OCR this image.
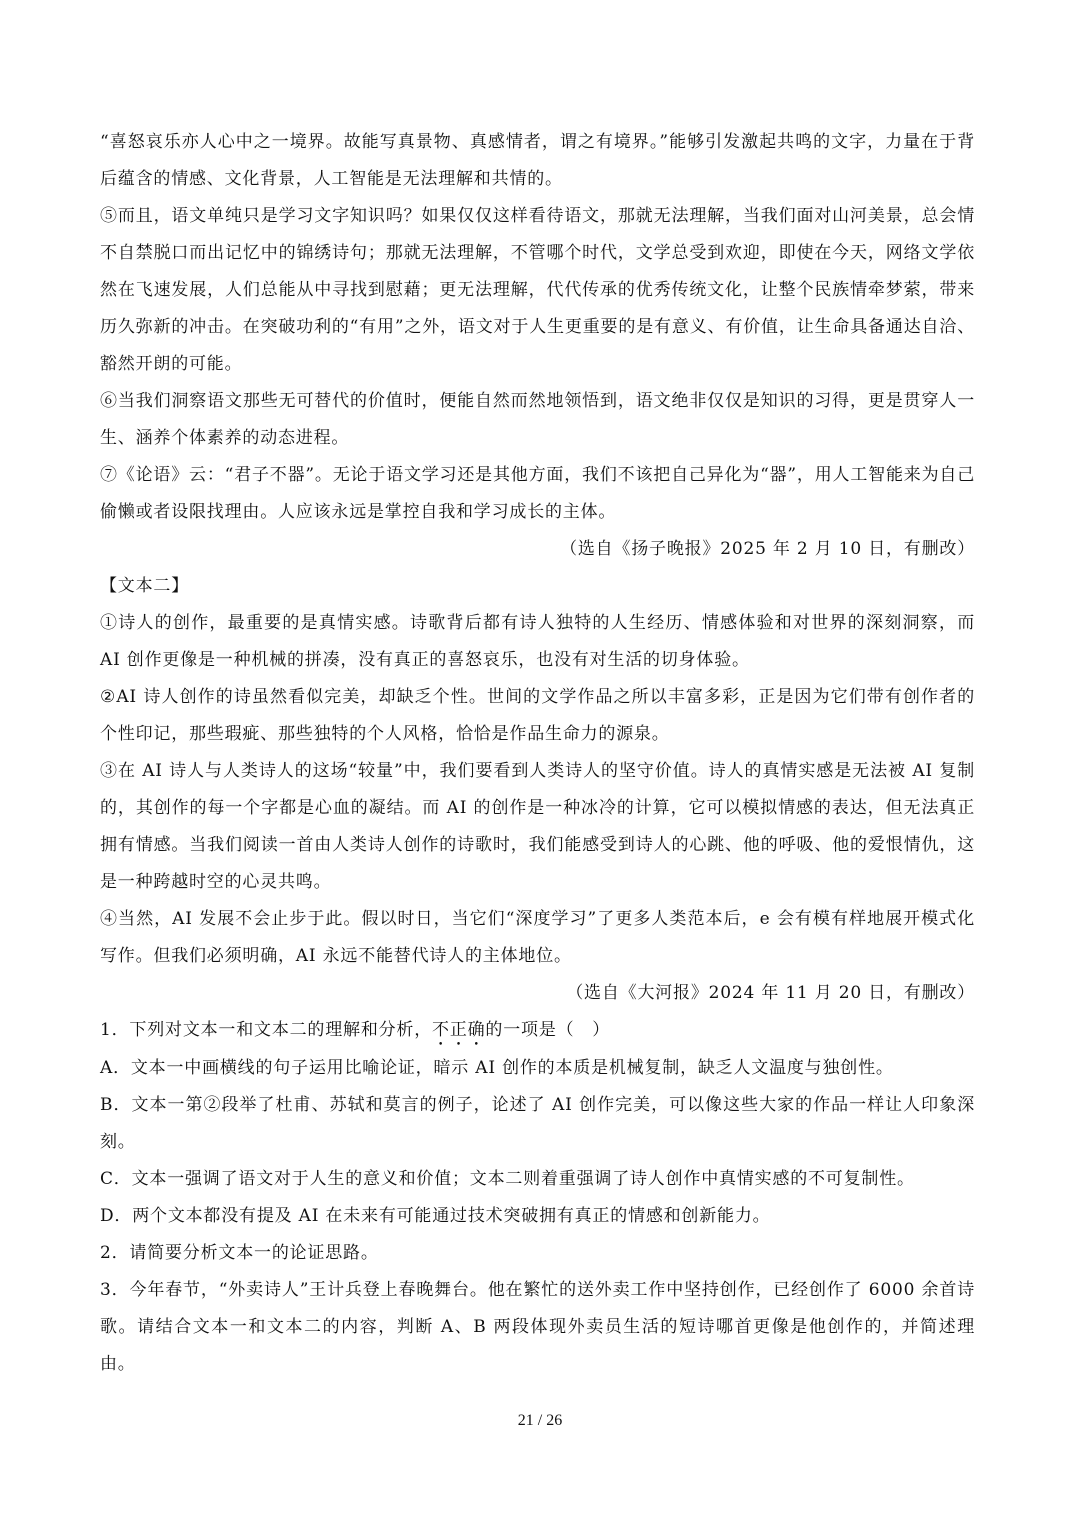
“喜怒哀乐亦人心中之一境界。故能写真景物、真感情者，谓之有境界。”能够引发激起共鸣的文字，力量在于背后蕴含的情感、文化背景，人工智能是无法理解和共情的。

⑤而且，语文单纯只是学习文字知识吗？如果仅仅这样看待语文，那就无法理解，当我们面对山河美景，总会情不自禁脱口而出记忆中的锦绣诗句；那就无法理解，不管哪个时代，文学总受到欢迎，即使在今天，网络文学依然在飞速发展，人们总能从中寻找到慰藉；更无法理解，代代传承的优秀传统文化，让整个民族情牵梦萦，带来历久弥新的冲击。在突破功利的“有用”之外，语文对于人生更重要的是有意义、有价值，让生命具备通达自洽、豁然开朗的可能。

⑥当我们洞察语文那些无可替代的价值时，便能自然而然地领悟到，语文绝非仅仅是知识的习得，更是贯穿人一生、涵养个体素养的动态进程。

⑦《论语》云：“君子不器”。无论于语文学习还是其他方面，我们不该把自己异化为“器”，用人工智能来为自己偷懒或者设限找理由。人应该永远是掌控自我和学习成长的主体。

（选自《扬子晚报》2025 年 2 月 10 日，有删改）

【文本二】

①诗人的创作，最重要的是真情实感。诗歌背后都有诗人独特的人生经历、情感体验和对世界的深刻洞察，而 AI 创作更像是一种机械的拼凑，没有真正的喜怒哀乐，也没有对生活的切身体验。

②AI 诗人创作的诗虽然看似完美，却缺乏个性。世间的文学作品之所以丰富多彩，正是因为它们带有创作者的个性印记，那些瑕疵、那些独特的个人风格，恰恰是作品生命力的源泉。

③在 AI 诗人与人类诗人的这场“较量”中，我们要看到人类诗人的坚守价值。诗人的真情实感是无法被 AI 复制的，其创作的每一个字都是心血的凝结。而 AI 的创作是一种冰冷的计算，它可以模拟情感的表达，但无法真正拥有情感。当我们阅读一首由人类诗人创作的诗歌时，我们能感受到诗人的心跳、他的呼吸、他的爱恨情仇，这是一种跨越时空的心灵共鸣。

④当然，AI 发展不会止步于此。假以时日，当它们“深度学习”了更多人类范本后，e 会有模有样地展开模式化写作。但我们必须明确，AI 永远不能替代诗人的主体地位。

（选自《大河报》2024 年 11 月 20 日，有删改）

1．下列对文本一和文本二的理解和分析，不正确的一项是（　）

A．文本一中画横线的句子运用比喻论证，暗示 AI 创作的本质是机械复制，缺乏人文温度与独创性。

B．文本一第②段举了杜甫、苏轼和莫言的例子，论述了 AI 创作完美，可以像这些大家的作品一样让人印象深刻。

C．文本一强调了语文对于人生的意义和价值；文本二则着重强调了诗人创作中真情实感的不可复制性。

D．两个文本都没有提及 AI 在未来有可能通过技术突破拥有真正的情感和创新能力。

2．请简要分析文本一的论证思路。

3．今年春节，“外卖诗人”王计兵登上春晚舞台。他在繁忙的送外卖工作中坚持创作，已经创作了 6000 余首诗歌。请结合文本一和文本二的内容，判断 A、B 两段体现外卖员生活的短诗哪首更像是他创作的，并简述理由。

21 / 26
